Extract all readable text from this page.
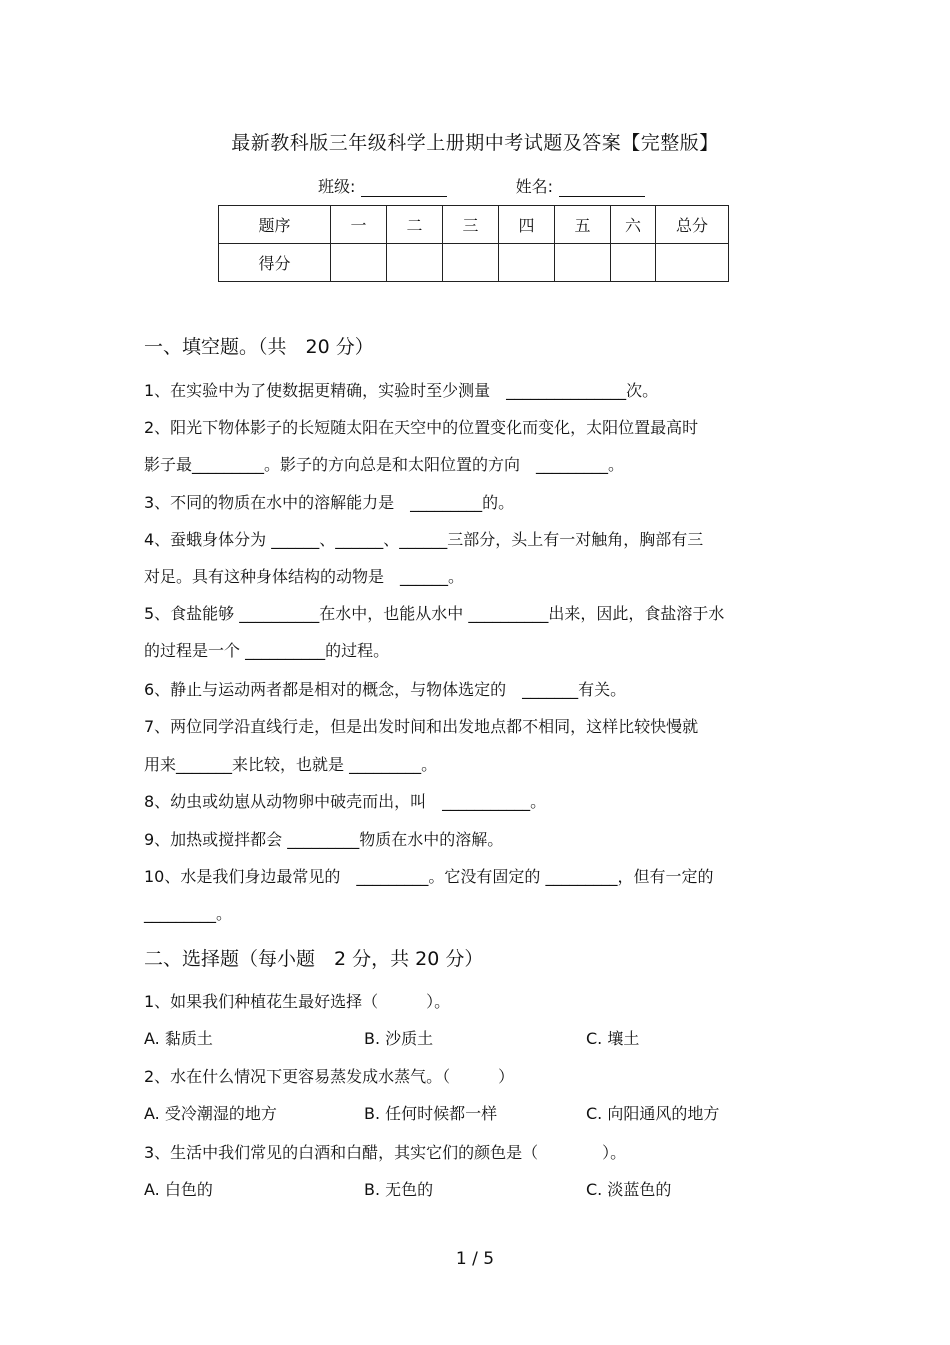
最新教科版三年级科学上册期中考试题及答案【完整版】
班级:	姓名:
题序	一	二	三	四	五	六	总分
得分							
一、填空题。（共　20 分）
1、在实验中为了使数据更精确，实验时至少测量　_______________次。
2、阳光下物体影子的长短随太阳在天空中的位置变化而变化，太阳位置最高时
影子最_________。影子的方向总是和太阳位置的方向　_________。
3、不同的物质在水中的溶解能力是　_________的。
4、蚕蛾身体分为 ______、______、______三部分，头上有一对触角，胸部有三
对足。具有这种身体结构的动物是　______。
5、食盐能够 __________在水中，也能从水中 __________出来，因此，食盐溶于水
的过程是一个 __________的过程。
6、静止与运动两者都是相对的概念，与物体选定的　_______有关。
7、两位同学沿直线行走，但是出发时间和出发地点都不相同，这样比较快慢就
用来_______来比较，也就是 _________。
8、幼虫或幼崽从动物卵中破壳而出，叫　___________。
9、加热或搅拌都会 _________物质在水中的溶解。
10、水是我们身边最常见的　_________。它没有固定的 _________，但有一定的
_________。
二、选择题（每小题　2 分，共 20 分）
1、如果我们种植花生最好选择（　　　）。
A. 黏质土	B. 沙质土	C. 壤土
2、水在什么情况下更容易蒸发成水蒸气。（　　　）
A. 受冷潮湿的地方	B. 任何时候都一样	C. 向阳通风的地方
3、生活中我们常见的白酒和白醋，其实它们的颜色是（　　　　）。
A. 白色的	B. 无色的	C. 淡蓝色的
1 / 5
